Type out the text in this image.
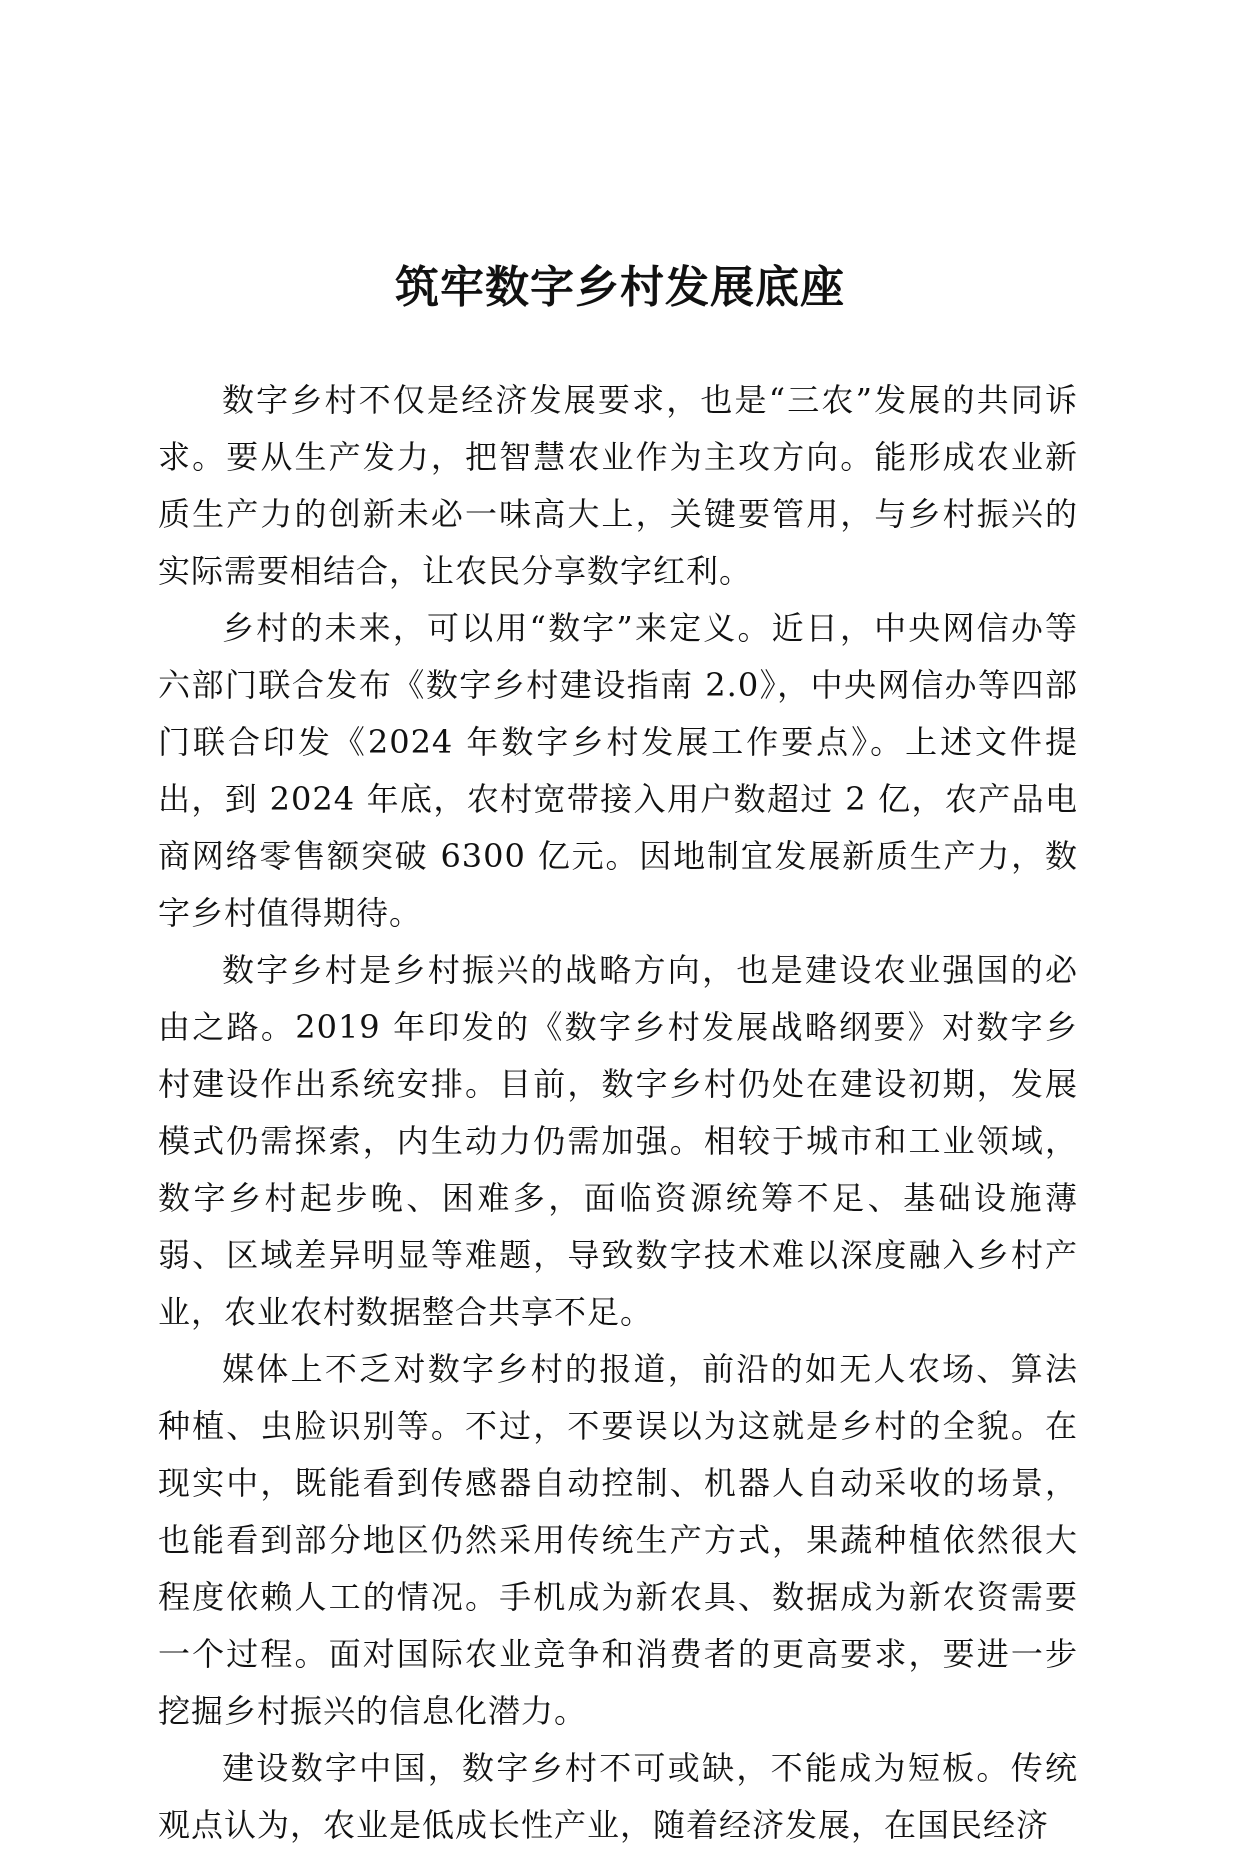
筑牢数字乡村发展底座

数字乡村不仅是经济发展要求，也是“三农”发展的共同诉求。要从生产发力，把智慧农业作为主攻方向。能形成农业新质生产力的创新未必一味高大上，关键要管用，与乡村振兴的实际需要相结合，让农民分享数字红利。

乡村的未来，可以用“数字”来定义。近日，中央网信办等六部门联合发布《数字乡村建设指南 2.0》，中央网信办等四部门联合印发《2024 年数字乡村发展工作要点》。上述文件提出，到 2024 年底，农村宽带接入用户数超过 2 亿，农产品电商网络零售额突破 6300 亿元。因地制宜发展新质生产力，数字乡村值得期待。

数字乡村是乡村振兴的战略方向，也是建设农业强国的必由之路。2019 年印发的《数字乡村发展战略纲要》对数字乡村建设作出系统安排。目前，数字乡村仍处在建设初期，发展模式仍需探索，内生动力仍需加强。相较于城市和工业领域，数字乡村起步晚、困难多，面临资源统筹不足、基础设施薄弱、区域差异明显等难题，导致数字技术难以深度融入乡村产业，农业农村数据整合共享不足。

媒体上不乏对数字乡村的报道，前沿的如无人农场、算法种植、虫脸识别等。不过，不要误以为这就是乡村的全貌。在现实中，既能看到传感器自动控制、机器人自动采收的场景，也能看到部分地区仍然采用传统生产方式，果蔬种植依然很大程度依赖人工的情况。手机成为新农具、数据成为新农资需要一个过程。面对国际农业竞争和消费者的更高要求，要进一步挖掘乡村振兴的信息化潜力。

建设数字中国，数字乡村不可或缺，不能成为短板。传统观点认为，农业是低成长性产业，随着经济发展，在国民经济
